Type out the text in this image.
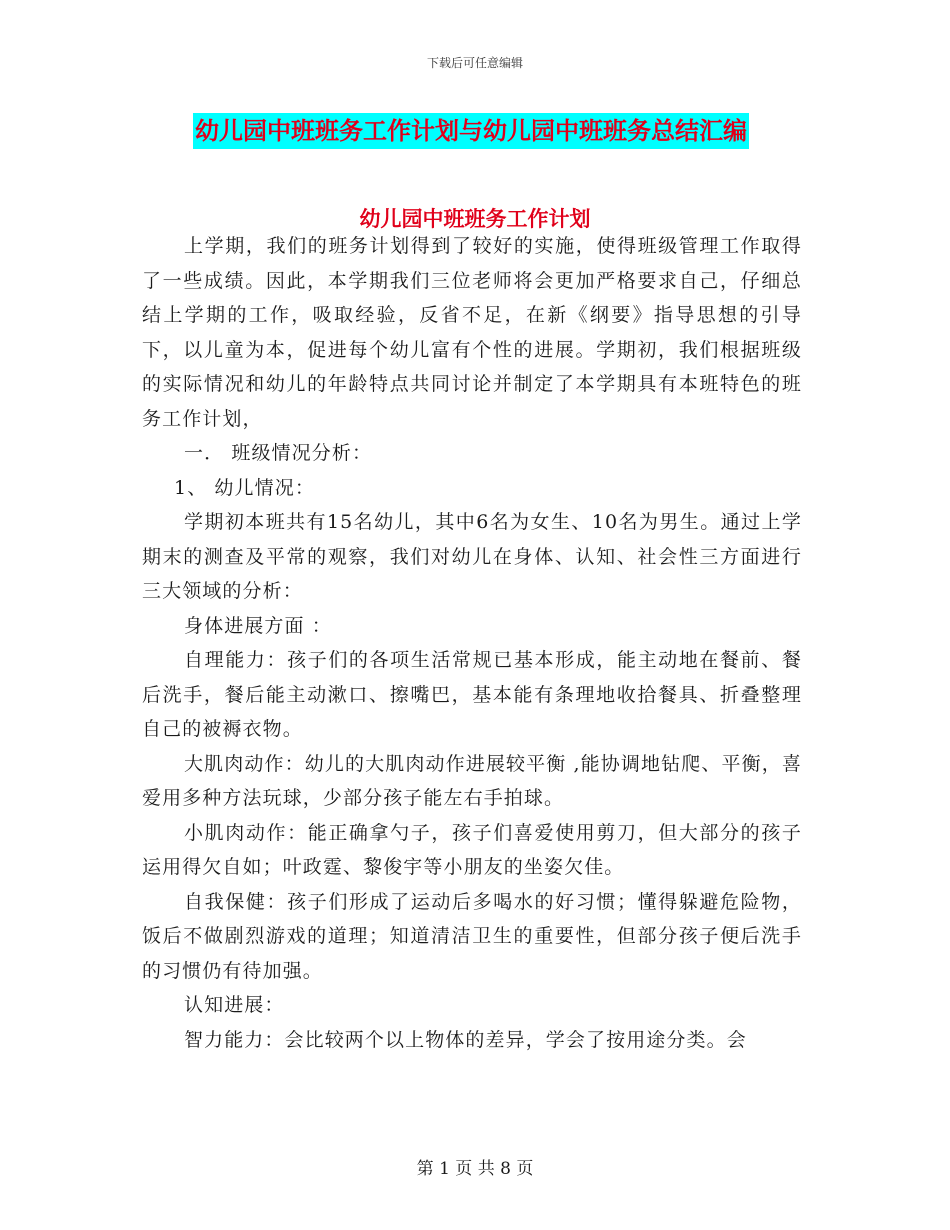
下载后可任意编辑
幼儿园中班班务工作计划与幼儿园中班班务总结汇编
幼儿园中班班务工作计划

上学期，我们的班务计划得到了较好的实施，使得班级管理工作取得了一些成绩。因此，本学期我们三位老师将会更加严格要求自己，仔细总结上学期的工作，吸取经验，反省不足，在新《纲要》指导思想的引导下，以儿童为本，促进每个幼儿富有个性的进展。学期初，我们根据班级的实际情况和幼儿的年龄特点共同讨论并制定了本学期具有本班特色的班务工作计划，

一． 班级情况分析：

1、 幼儿情况：

学期初本班共有15名幼儿，其中6名为女生、10名为男生。通过上学期末的测查及平常的观察，我们对幼儿在身体、认知、社会性三方面进行三大领域的分析：

身体进展方面 ：

自理能力：孩子们的各项生活常规已基本形成，能主动地在餐前、餐后洗手，餐后能主动漱口、擦嘴巴，基本能有条理地收拾餐具、折叠整理自己的被褥衣物。

大肌肉动作：幼儿的大肌肉动作进展较平衡 ,能协调地钻爬、平衡，喜爱用多种方法玩球，少部分孩子能左右手拍球。

小肌肉动作：能正确拿勺子，孩子们喜爱使用剪刀，但大部分的孩子运用得欠自如；叶政霆、黎俊宇等小朋友的坐姿欠佳。

自我保健：孩子们形成了运动后多喝水的好习惯；懂得躲避危险物，饭后不做剧烈游戏的道理；知道清洁卫生的重要性，但部分孩子便后洗手的习惯仍有待加强。

认知进展：

智力能力：会比较两个以上物体的差异，学会了按用途分类。会

第 1 页 共 8 页
